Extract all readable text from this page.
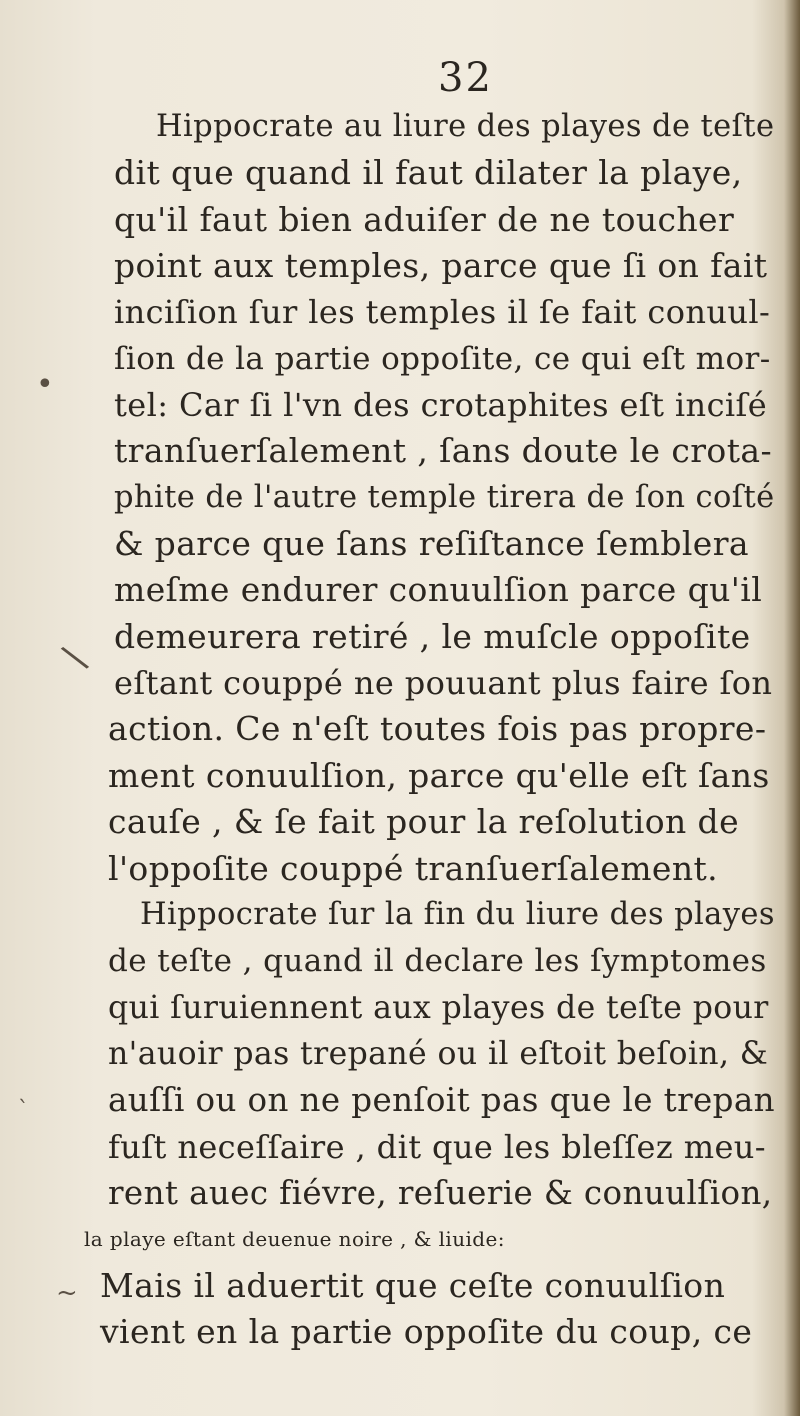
32

•
\
`
~
Hippocrate au liure des playes de teſte
dit que quand il faut dilater la playe,
qu'il faut bien aduiſer de ne toucher
point aux temples, parce que ſi on fait
inciſion ſur les temples il ſe fait conuul-
ſion de la partie oppoſite, ce qui eſt mor-
tel: Car ſi l'vn des crotaphites eſt inciſé
tranſuerſalement , ſans doute le crota-
phite de l'autre temple tirera de ſon coſté
& parce que ſans reſiſtance ſemblera
meſme endurer conuulſion parce qu'il
demeurera retiré , le muſcle oppoſite
eſtant couppé ne pouuant plus faire ſon
action. Ce n'eſt toutes fois pas propre-
ment conuulſion, parce qu'elle eſt ſans
cauſe , & ſe fait pour la reſolution de
l'oppoſite couppé tranſuerſalement.
Hippocrate ſur la fin du liure des playes
de teſte , quand il declare les ſymptomes
qui ſuruiennent aux playes de teſte pour
n'auoir pas trepané ou il eſtoit beſoin, &
auſſi ou on ne penſoit pas que le trepan
fuſt neceſſaire , dit que les bleſſez meu-
rent auec fiévre, reſuerie & conuulſion,
la playe eſtant deuenue noire , & liuide:
Mais il aduertit que ceſte conuulſion
vient en la partie oppoſite du coup, ce
